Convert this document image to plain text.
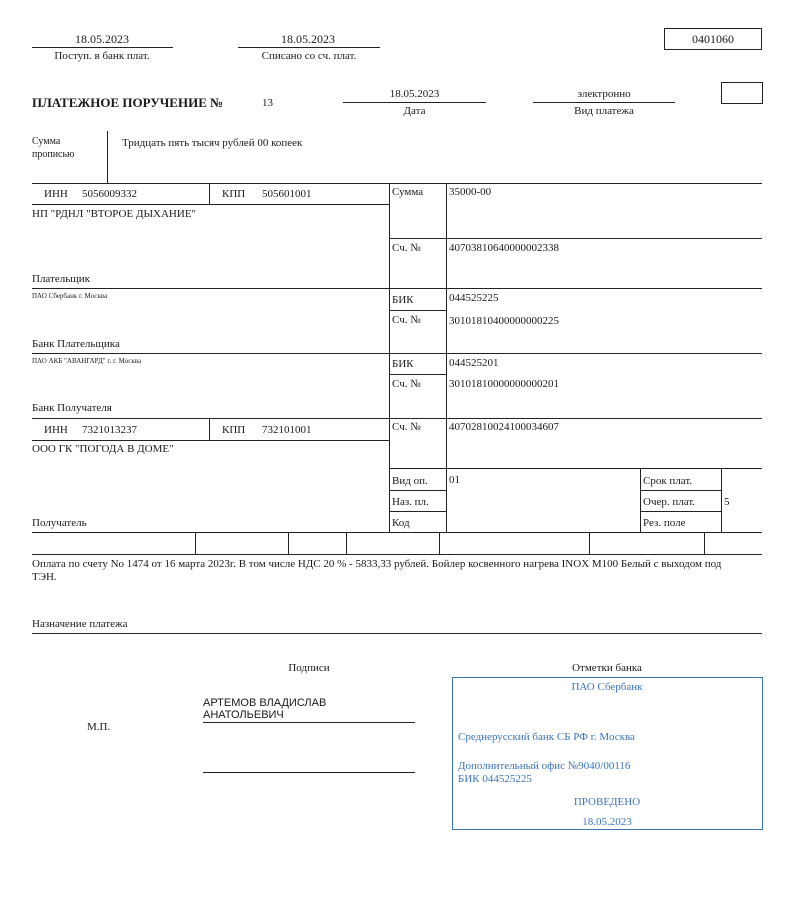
18.05.2023
Поступ. в банк плат.
18.05.2023
Списано со сч. плат.
0401060
ПЛАТЕЖНОЕ ПОРУЧЕНИЕ №	13
18.05.2023
Дата
электронно
Вид платежа
Сумма
прописью
Тридцать пять тысяч рублей 00 копеек
ИНН 5056009332	КПП 505601001
НП "РДНЛ "ВТОРОЕ ДЫХАНИЕ"
Плательщик
Сумма 35000-00
Сч. №	40703810640000002338
ПАО Сбербанк г. Москва
Банк Плательщика
БИК	044525225
Сч. №	30101810400000000225
ПАО АКБ "АВАНГАРД" г. г. Москва
Банк Получателя
БИК	044525201
Сч. №	30101810000000000201
ИНН 7321013237	КПП 732101001
ООО ГК "ПОГОДА В ДОМЕ"
Получатель
Сч. №	40702810024100034607
Вид оп. 01
Наз. пл.
Код
Срок плат.
Очер. плат.	5
Рез. поле
Оплата по счету No 1474 от 16 марта 2023г. В том числе НДС 20 % - 5833,33 рублей. Бойлер косвенного нагрева INOX M100 Белый с выходом под
ТЭН.
Назначение платежа
Подписи
М.П.
АРТЕМОВ ВЛАДИСЛАВ
АНАТОЛЬЕВИЧ
Отметки банка
ПАО Сбербанк
Среднерусский банк СБ РФ г. Москва
Дополнительный офис №9040/00116
БИК 044525225
ПРОВЕДЕНО
18.05.2023
